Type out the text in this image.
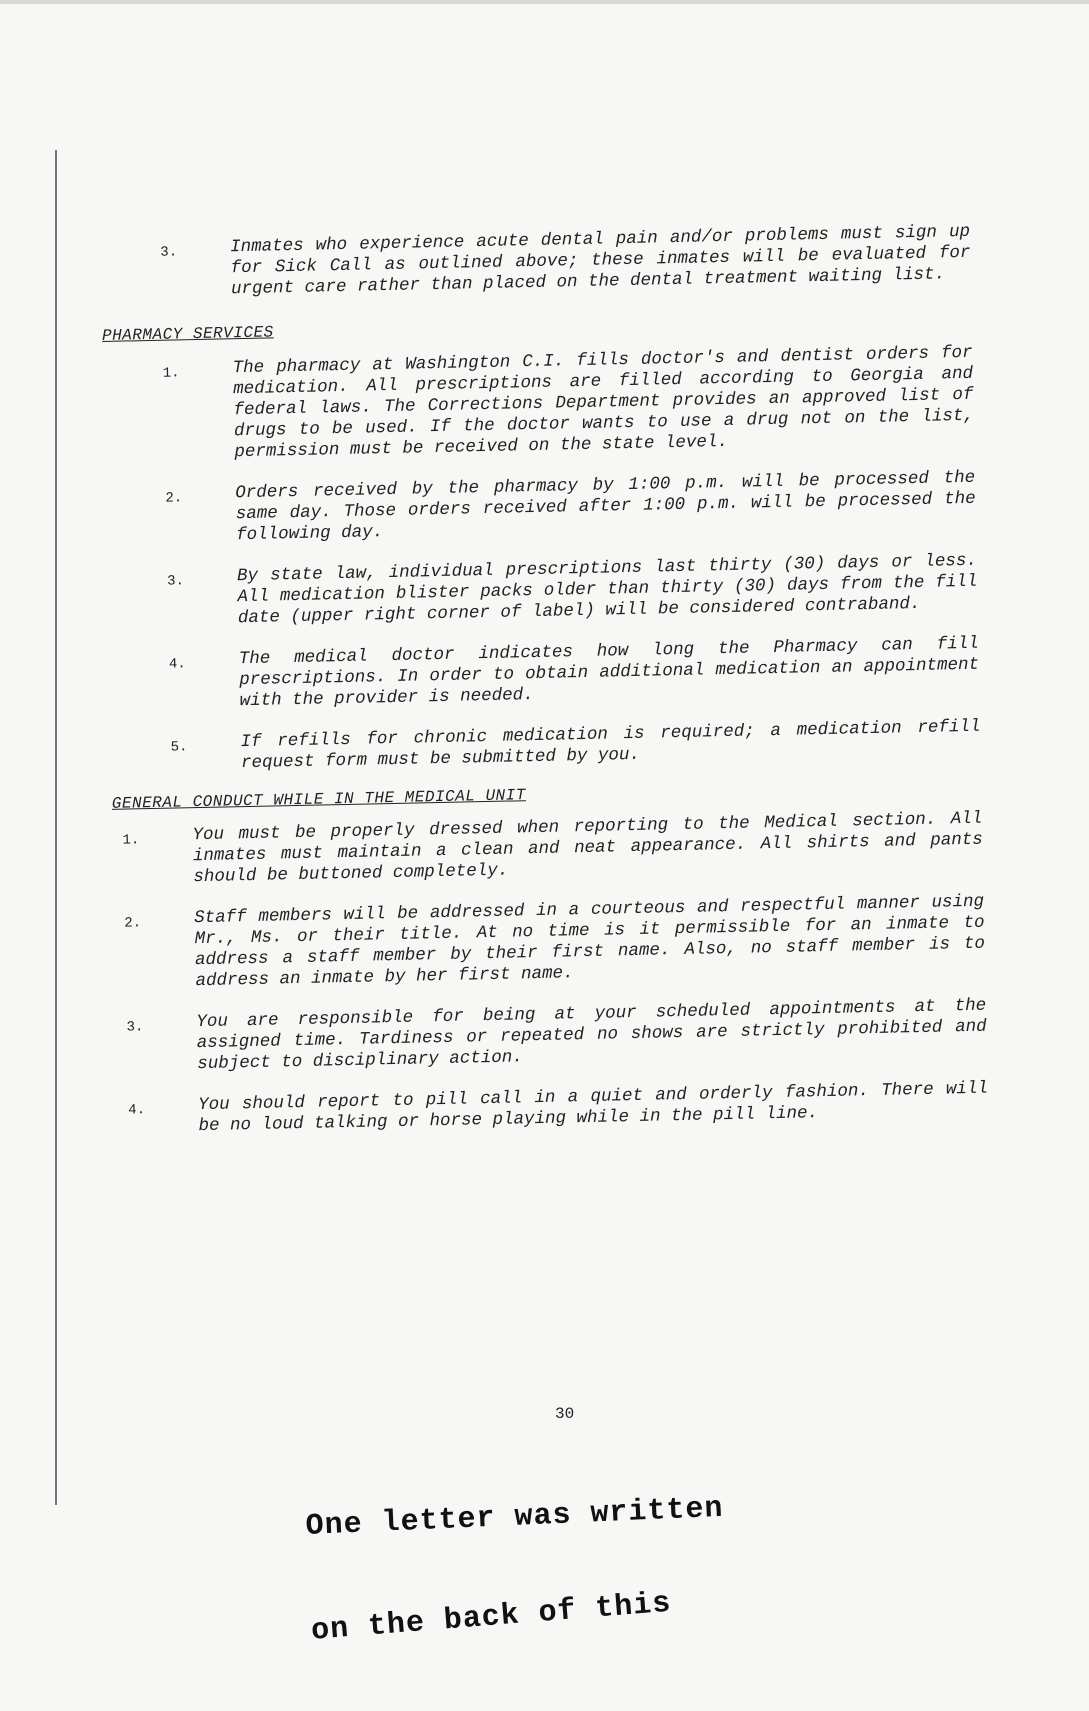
3.	Inmates who experience acute dental pain and/or problems must sign up for Sick Call as outlined above; these inmates will be evaluated for urgent care rather than placed on the dental treatment waiting list.
PHARMACY SERVICES
1.	The pharmacy at Washington C.I. fills doctor's and dentist orders for medication. All prescriptions are filled according to Georgia and federal laws. The Corrections Department provides an approved list of drugs to be used. If the doctor wants to use a drug not on the list, permission must be received on the state level.
2.	Orders received by the pharmacy by 1:00 p.m. will be processed the same day. Those orders received after 1:00 p.m. will be processed the following day.
3.	By state law, individual prescriptions last thirty (30) days or less. All medication blister packs older than thirty (30) days from the fill date (upper right corner of label) will be considered contraband.
4.	The medical doctor indicates how long the Pharmacy can fill prescriptions. In order to obtain additional medication an appointment with the provider is needed.
5.	If refills for chronic medication is required; a medication refill request form must be submitted by you.
GENERAL CONDUCT WHILE IN THE MEDICAL UNIT
1.	You must be properly dressed when reporting to the Medical section. All inmates must maintain a clean and neat appearance. All shirts and pants should be buttoned completely.
2.	Staff members will be addressed in a courteous and respectful manner using Mr., Ms. or their title. At no time is it permissible for an inmate to address a staff member by their first name. Also, no staff member is to address an inmate by her first name.
3.	You are responsible for being at your scheduled appointments at the assigned time. Tardiness or repeated no shows are strictly prohibited and subject to disciplinary action.
4.	You should report to pill call in a quiet and orderly fashion. There will be no loud talking or horse playing while in the pill line.
30
One letter was written
on the back of this
